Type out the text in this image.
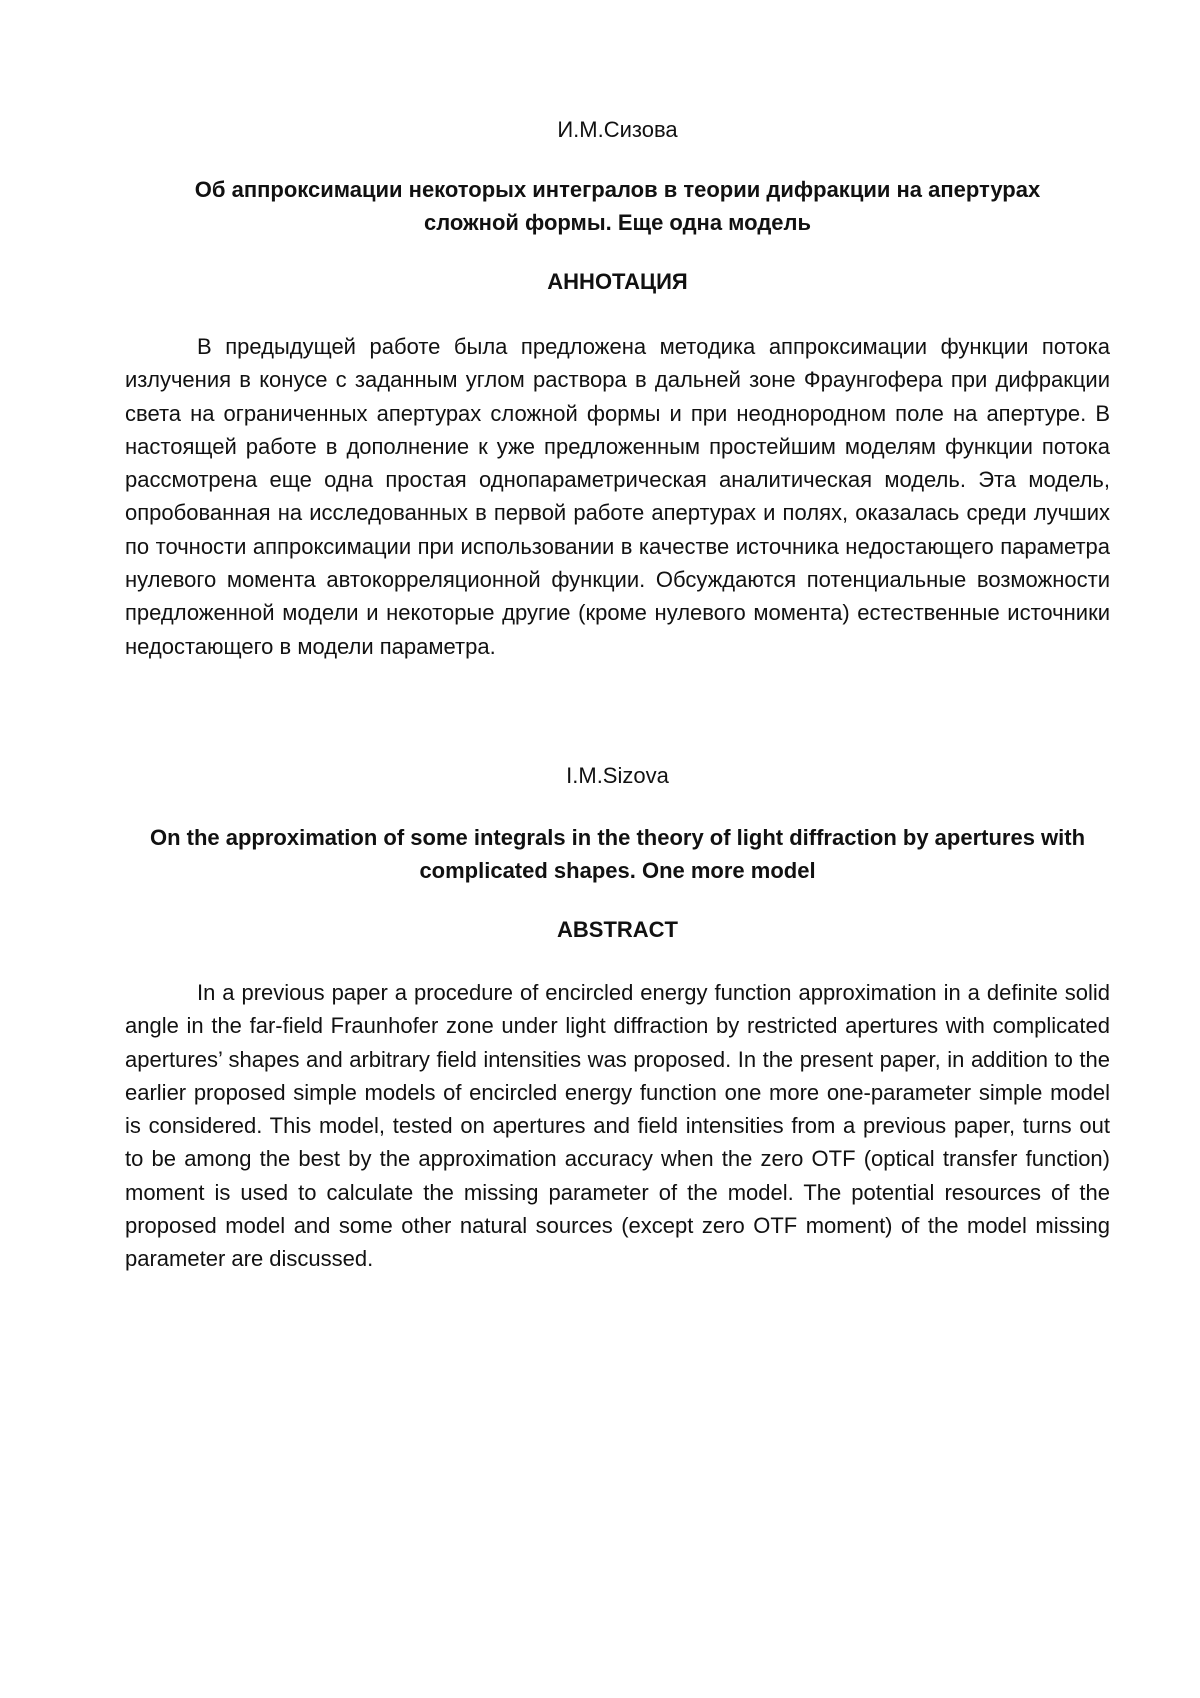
И.М.Сизова
Об аппроксимации некоторых интегралов в теории дифракции на апертурах сложной формы. Еще одна модель
АННОТАЦИЯ
В предыдущей работе была предложена методика аппроксимации функции потока излучения в конусе с заданным углом раствора в дальней зоне Фраунгофера при дифракции света на ограниченных апертурах сложной формы и при неоднородном поле на апертуре. В настоящей работе в дополнение к уже предложенным простейшим моделям функции потока рассмотрена еще одна простая однопараметрическая аналитическая модель. Эта модель, опробованная на исследованных в первой работе апертурах и полях, оказалась среди лучших по точности аппроксимации при использовании в качестве источника недостающего параметра нулевого момента автокорреляционной функции. Обсуждаются потенциальные возможности предложенной модели и некоторые другие (кроме нулевого момента) естественные источники недостающего в модели параметра.
I.M.Sizova
On the approximation of some integrals in the theory of light diffraction by apertures with complicated shapes. One more model
ABSTRACT
In a previous paper a procedure of encircled energy function approximation in a definite solid angle in the far-field Fraunhofer zone under light diffraction by restricted apertures with complicated apertures’ shapes and arbitrary field intensities was proposed. In the present paper, in addition to the earlier proposed simple models of encircled energy function one more one-parameter simple model is considered. This model, tested on apertures and field intensities from a previous paper, turns out to be among the best by the approximation accuracy when the zero OTF (optical transfer function) moment is used to calculate the missing parameter of the model. The potential resources of the proposed model and some other natural sources (except zero OTF moment) of the model missing parameter are discussed.
